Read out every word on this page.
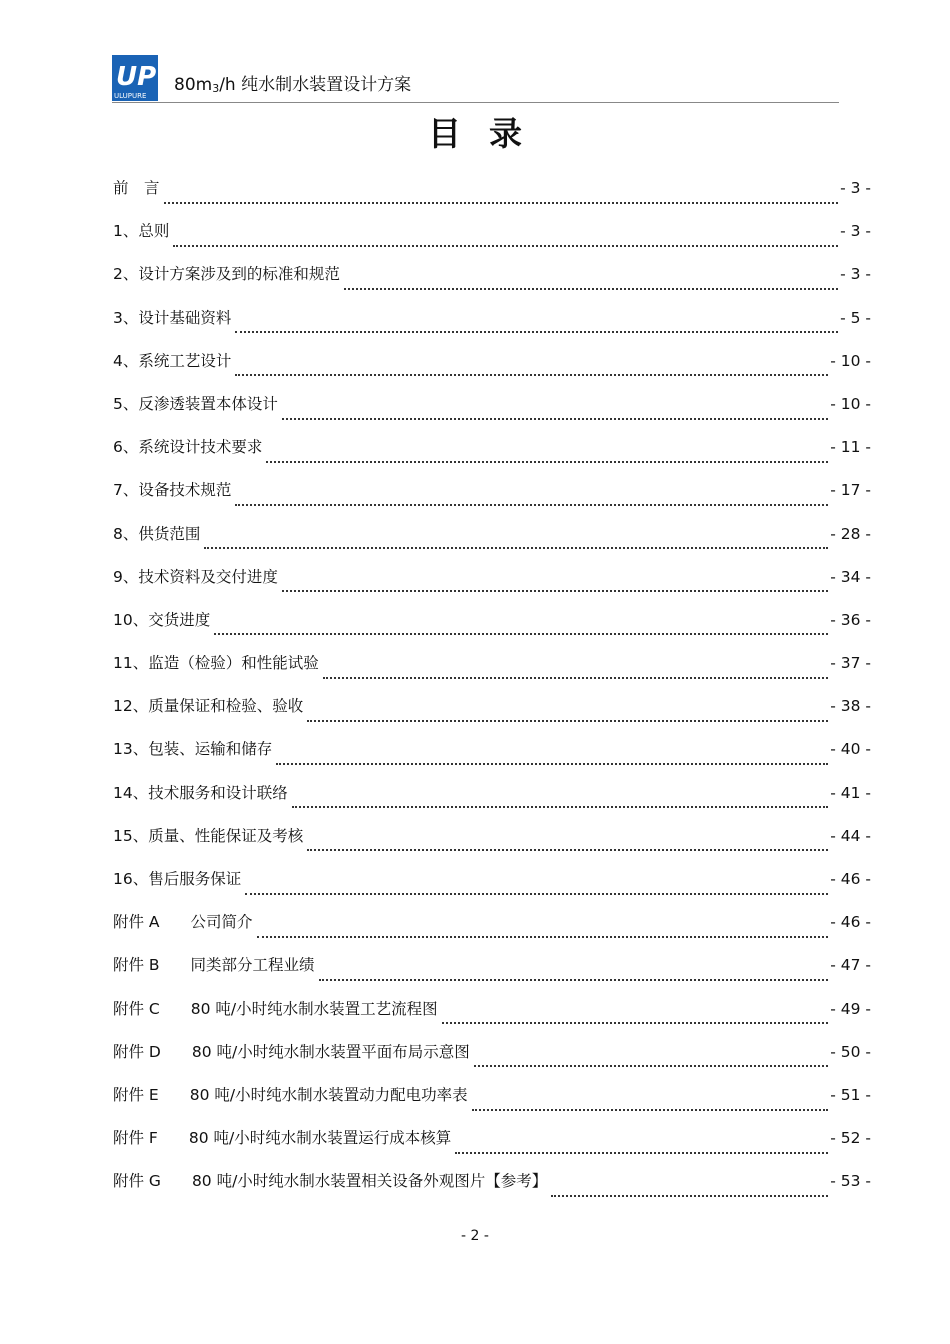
UP
ULUPURE
$80m_3/h$ 纯水制水装置设计方案
目录
前　言	- 3 -
1、总则	- 3 -
2、设计方案涉及到的标准和规范	- 3 -
3、设计基础资料	- 5 -
4、系统工艺设计	- 10 -
5、反渗透装置本体设计	- 10 -
6、系统设计技术要求	- 11 -
7、设备技术规范	- 17 -
8、供货范围	- 28 -
9、技术资料及交付进度	- 34 -
10、交货进度	- 36 -
11、监造（检验）和性能试验	- 37 -
12、质量保证和检验、验收	- 38 -
13、包装、运输和储存	- 40 -
14、技术服务和设计联络	- 41 -
15、质量、性能保证及考核	- 44 -
16、售后服务保证	- 46 -
附件 A　　公司简介	- 46 -
附件 B　　同类部分工程业绩	- 47 -
附件 C　　80 吨/小时纯水制水装置工艺流程图	- 49 -
附件 D　　80 吨/小时纯水制水装置平面布局示意图	- 50 -
附件 E　　80 吨/小时纯水制水装置动力配电功率表	- 51 -
附件 F　　80 吨/小时纯水制水装置运行成本核算	- 52 -
附件 G　　80 吨/小时纯水制水装置相关设备外观图片【参考】	- 53 -
- 2 -
